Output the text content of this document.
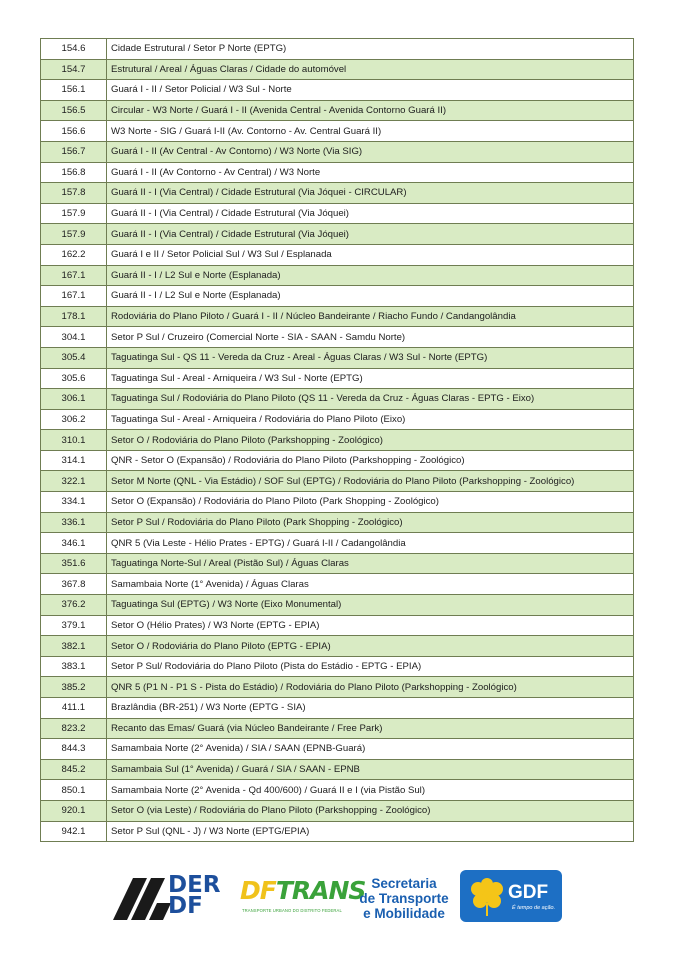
154.6	Cidade Estrutural / Setor P Norte (EPTG)
154.7	Estrutural / Areal / Águas Claras / Cidade do automóvel
156.1	Guará I - II / Setor Policial / W3 Sul - Norte
156.5	Circular - W3 Norte / Guará I - II (Avenida Central - Avenida Contorno Guará II)
156.6	W3 Norte - SIG / Guará I-II (Av. Contorno - Av. Central Guará II)
156.7	Guará I - II (Av Central - Av Contorno) / W3 Norte (Via SIG)
156.8	Guará I - II (Av Contorno - Av Central) / W3 Norte
157.8	Guará II - I (Via Central) / Cidade Estrutural (Via Jóquei - CIRCULAR)
157.9	Guará II - I (Via Central) / Cidade Estrutural (Via Jóquei)
157.9	Guará II - I (Via Central) / Cidade Estrutural (Via Jóquei)
162.2	Guará I e II / Setor Policial Sul / W3 Sul / Esplanada
167.1	Guará II - I / L2 Sul e Norte (Esplanada)
167.1	Guará II - I / L2 Sul e Norte (Esplanada)
178.1	Rodoviária do Plano Piloto / Guará I - II / Núcleo Bandeirante / Riacho Fundo / Candangolândia
304.1	Setor P Sul / Cruzeiro (Comercial Norte - SIA - SAAN - Samdu Norte)
305.4	Taguatinga Sul - QS 11 - Vereda da Cruz - Areal - Águas Claras / W3 Sul - Norte (EPTG)
305.6	Taguatinga Sul - Areal - Arniqueira / W3 Sul - Norte (EPTG)
306.1	Taguatinga Sul / Rodoviária do Plano Piloto (QS 11 - Vereda da Cruz - Águas Claras - EPTG - Eixo)
306.2	Taguatinga Sul - Areal - Arniqueira / Rodoviária do Plano Piloto (Eixo)
310.1	Setor O / Rodoviária do Plano Piloto (Parkshopping - Zoológico)
314.1	QNR - Setor O (Expansão) / Rodoviária do Plano Piloto (Parkshopping - Zoológico)
322.1	Setor M Norte (QNL - Via Estádio) / SOF Sul (EPTG) / Rodoviária do Plano Piloto (Parkshopping - Zoológico)
334.1	Setor O (Expansão) / Rodoviária do Plano Piloto (Park Shopping - Zoológico)
336.1	Setor P Sul / Rodoviária do Plano Piloto (Park Shopping - Zoológico)
346.1	QNR 5 (Via Leste - Hélio Prates - EPTG) / Guará I-II / Cadangolândia
351.6	Taguatinga Norte-Sul / Areal (Pistão Sul) / Águas Claras
367.8	Samambaia Norte (1° Avenida) / Águas Claras
376.2	Taguatinga Sul (EPTG) / W3 Norte (Eixo Monumental)
379.1	Setor O (Hélio Prates) / W3 Norte (EPTG - EPIA)
382.1	Setor O / Rodoviária do Plano Piloto (EPTG - EPIA)
383.1	Setor P Sul/ Rodoviária do Plano Piloto (Pista do Estádio - EPTG - EPIA)
385.2	QNR 5 (P1 N - P1 S - Pista do Estádio) / Rodoviária do Plano Piloto (Parkshopping - Zoológico)
411.1	Brazlândia (BR-251) / W3 Norte (EPTG - SIA)
823.2	Recanto das Emas/ Guará (via Núcleo Bandeirante / Free Park)
844.3	Samambaia Norte (2° Avenida) / SIA / SAAN (EPNB-Guará)
845.2	Samambaia Sul (1° Avenida) / Guará / SIA / SAAN - EPNB
850.1	Samambaia Norte (2° Avenida - Qd 400/600) / Guará II e I (via Pistão Sul)
920.1	Setor O (via Leste) / Rodoviária do Plano Piloto (Parkshopping - Zoológico)
942.1	Setor P Sul (QNL - J) / W3 Norte (EPTG/EPIA)
DER
DF
DFTRANS
TRANSPORTE URBANO DO DISTRITO FEDERAL
Secretaria
de Transporte
e Mobilidade
GDF
É tempo de ação.
